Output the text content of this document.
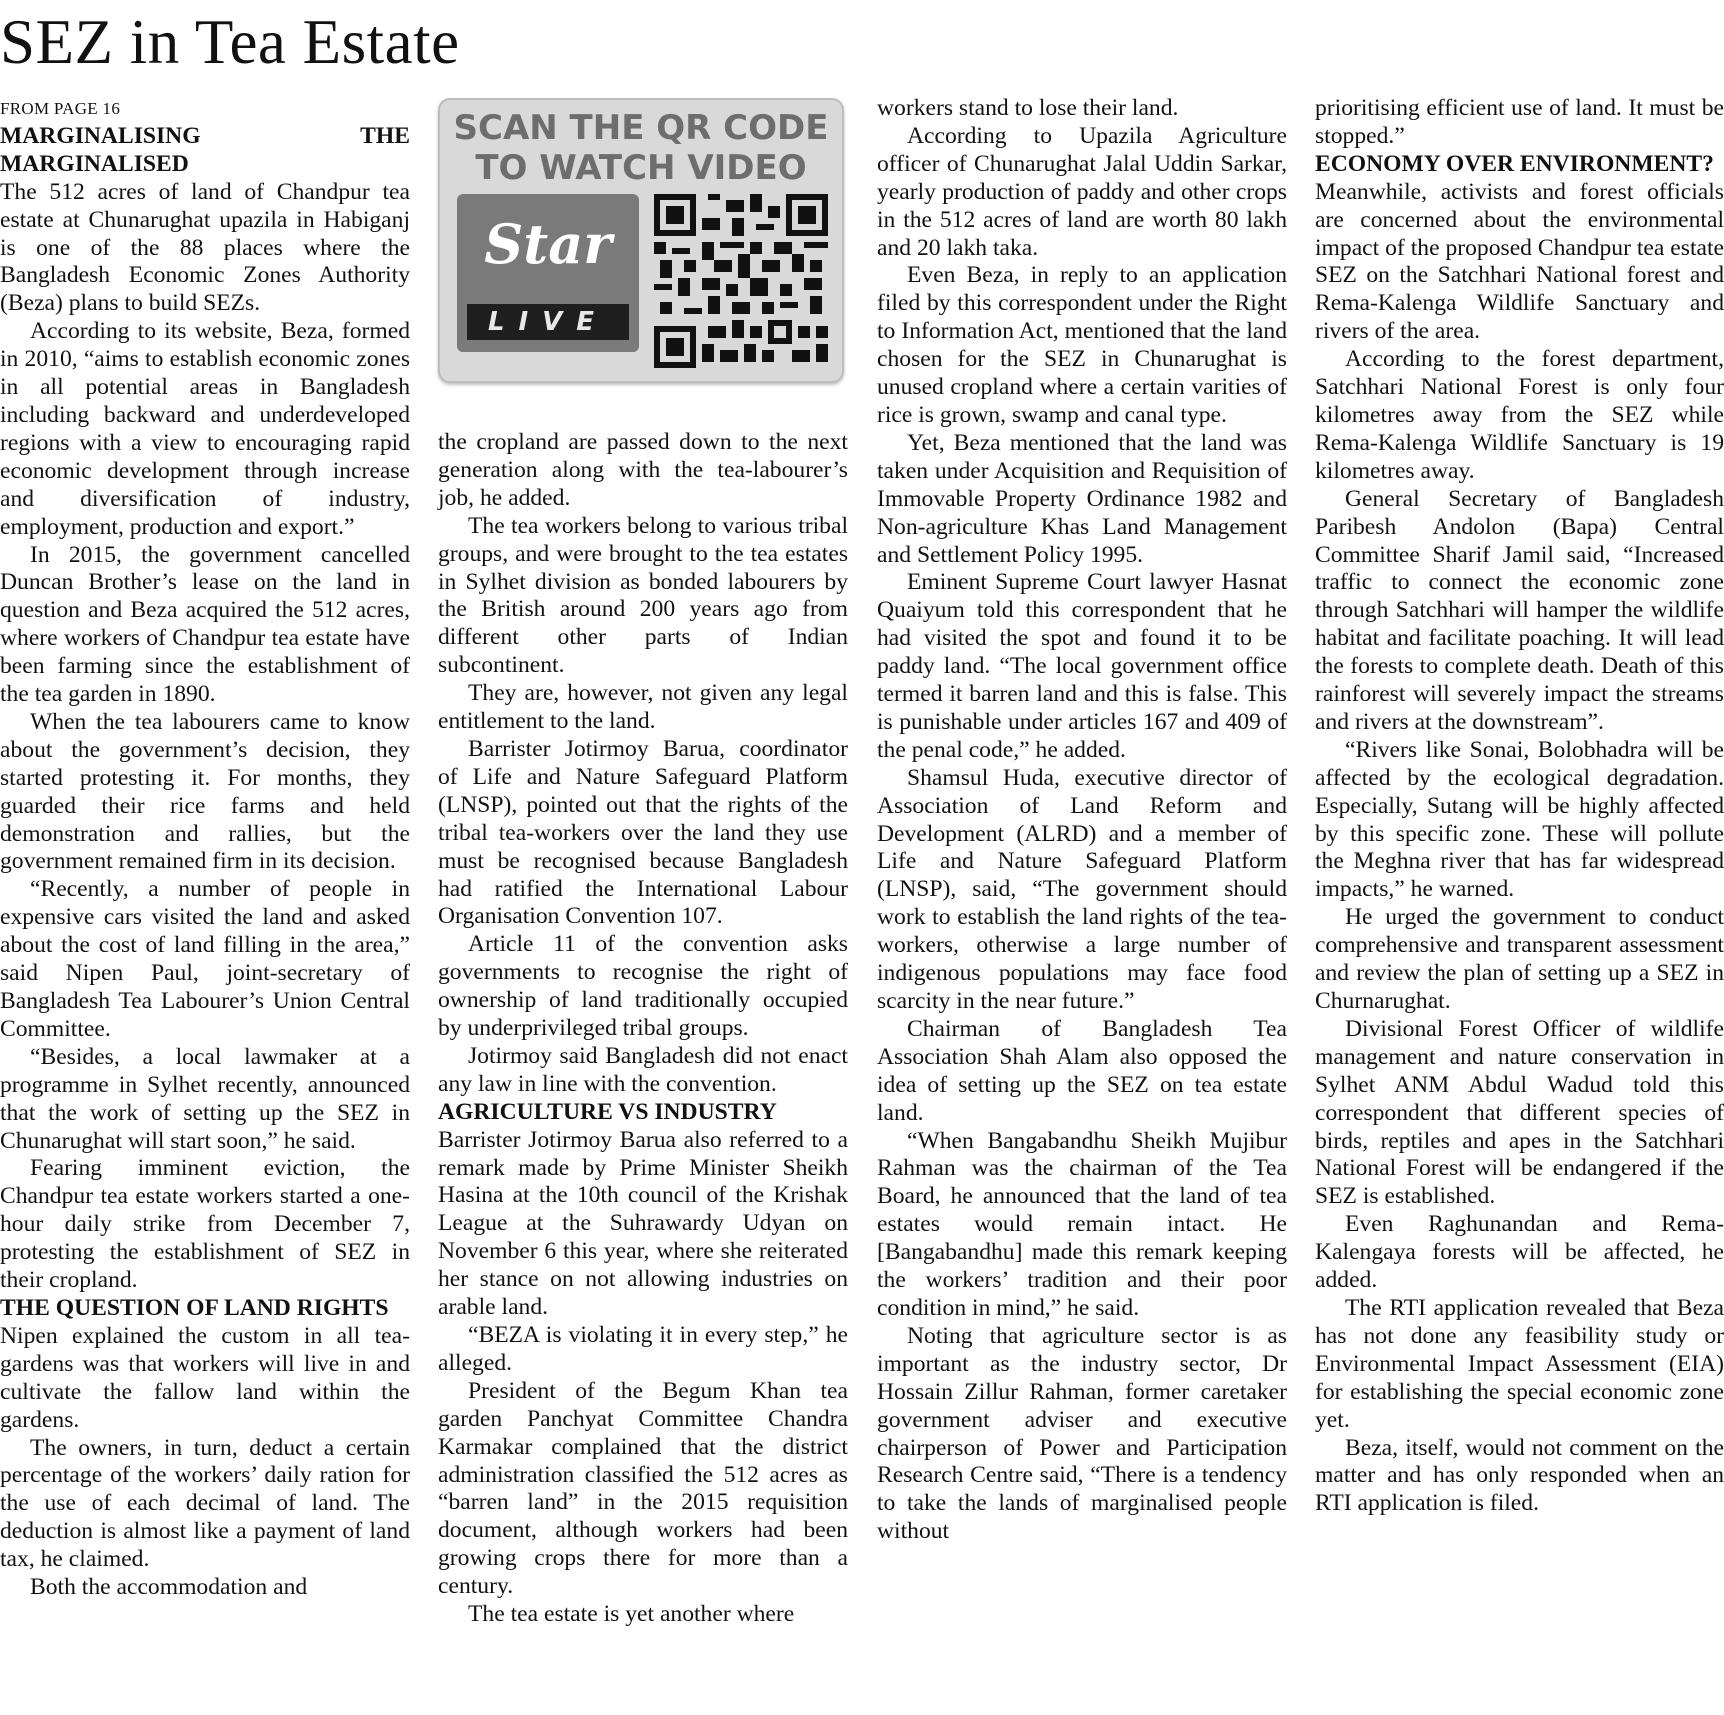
SEZ in Tea Estate
SCAN THE QR CODE
TO WATCH VIDEO
Star
LIVE
FROM PAGE 16
MARGINALISING THE MARGINALISED

The 512 acres of land of Chandpur tea estate at Chunarughat upazila in Habiganj is one of the 88 places where the Bangladesh Economic Zones Authority (Beza) plans to build SEZs.

According to its website, Beza, formed in 2010, “aims to establish economic zones in all potential areas in Bangladesh including backward and underdeveloped regions with a view to encouraging rapid economic development through increase and diversification of industry, employment, production and export.”

In 2015, the government cancelled Duncan Brother’s lease on the land in question and Beza acquired the 512 acres, where workers of Chandpur tea estate have been farming since the establishment of the tea garden in 1890.

When the tea labourers came to know about the government’s decision, they started protesting it. For months, they guarded their rice farms and held demonstration and rallies, but the government remained firm in its decision.

“Recently, a number of people in expensive cars visited the land and asked about the cost of land filling in the area,” said Nipen Paul, joint-secretary of Bangladesh Tea Labourer’s Union Central Committee.

“Besides, a local lawmaker at a programme in Sylhet recently, announced that the work of setting up the SEZ in Chunarughat will start soon,” he said.

Fearing imminent eviction, the Chandpur tea estate workers started a one-hour daily strike from December 7, protesting the establishment of SEZ in their cropland.

THE QUESTION OF LAND RIGHTS

Nipen explained the custom in all tea-gardens was that workers will live in and cultivate the fallow land within the gardens.

The owners, in turn, deduct a certain percentage of the workers’ daily ration for the use of each decimal of land. The deduction is almost like a payment of land tax, he claimed.

Both the accommodation and

the cropland are passed down to the next generation along with the tea-labourer’s job, he added.

The tea workers belong to various tribal groups, and were brought to the tea estates in Sylhet division as bonded labourers by the British around 200 years ago from different other parts of Indian subcontinent.

They are, however, not given any legal entitlement to the land.

Barrister Jotirmoy Barua, coordinator of Life and Nature Safeguard Platform (LNSP), pointed out that the rights of the tribal tea-workers over the land they use must be recognised because Bangladesh had ratified the International Labour Organisation Convention 107.

Article 11 of the convention asks governments to recognise the right of ownership of land traditionally occupied by underprivileged tribal groups.

Jotirmoy said Bangladesh did not enact any law in line with the convention.

AGRICULTURE VS INDUSTRY

Barrister Jotirmoy Barua also referred to a remark made by Prime Minister Sheikh Hasina at the 10th council of the Krishak League at the Suhrawardy Udyan on November 6 this year, where she reiterated her stance on not allowing industries on arable land.

“BEZA is violating it in every step,” he alleged.

President of the Begum Khan tea garden Panchyat Committee Chandra Karmakar complained that the district administration classified the 512 acres as “barren land” in the 2015 requisition document, although workers had been growing crops there for more than a century.

The tea estate is yet another where

workers stand to lose their land.

According to Upazila Agriculture officer of Chunarughat Jalal Uddin Sarkar, yearly production of paddy and other crops in the 512 acres of land are worth 80 lakh and 20 lakh taka.

Even Beza, in reply to an application filed by this correspondent under the Right to Information Act, mentioned that the land chosen for the SEZ in Chunarughat is unused cropland where a certain varities of rice is grown, swamp and canal type.

Yet, Beza mentioned that the land was taken under Acquisition and Requisition of Immovable Property Ordinance 1982 and Non-agriculture Khas Land Management and Settlement Policy 1995.

Eminent Supreme Court lawyer Hasnat Quaiyum told this correspondent that he had visited the spot and found it to be paddy land. “The local government office termed it barren land and this is false. This is punishable under articles 167 and 409 of the penal code,” he added.

Shamsul Huda, executive director of Association of Land Reform and Development (ALRD) and a member of Life and Nature Safeguard Platform (LNSP), said, “The government should work to establish the land rights of the tea-workers, otherwise a large number of indigenous populations may face food scarcity in the near future.”

Chairman of Bangladesh Tea Association Shah Alam also opposed the idea of setting up the SEZ on tea estate land.

“When Bangabandhu Sheikh Mujibur Rahman was the chairman of the Tea Board, he announced that the land of tea estates would remain intact. He [Bangabandhu] made this remark keeping the workers’ tradition and their poor condition in mind,” he said.

Noting that agriculture sector is as important as the industry sector, Dr Hossain Zillur Rahman, former caretaker government adviser and executive chairperson of Power and Participation Research Centre said, “There is a tendency to take the lands of marginalised people without

prioritising efficient use of land. It must be stopped.”

ECONOMY OVER ENVIRONMENT?

Meanwhile, activists and forest officials are concerned about the environmental impact of the proposed Chandpur tea estate SEZ on the Satchhari National forest and Rema-Kalenga Wildlife Sanctuary and rivers of the area.

According to the forest department, Satchhari National Forest is only four kilometres away from the SEZ while Rema-Kalenga Wildlife Sanctuary is 19 kilometres away.

General Secretary of Bangladesh Paribesh Andolon (Bapa) Central Committee Sharif Jamil said, “Increased traffic to connect the economic zone through Satchhari will hamper the wildlife habitat and facilitate poaching. It will lead the forests to complete death. Death of this rainforest will severely impact the streams and rivers at the downstream”.

“Rivers like Sonai, Bolobhadra will be affected by the ecological degradation. Especially, Sutang will be highly affected by this specific zone. These will pollute the Meghna river that has far widespread impacts,” he warned.

He urged the government to conduct comprehensive and transparent assessment and review the plan of setting up a SEZ in Churnarughat.

Divisional Forest Officer of wildlife management and nature conservation in Sylhet ANM Abdul Wadud told this correspondent that different species of birds, reptiles and apes in the Satchhari National Forest will be endangered if the SEZ is established.

Even Raghunandan and Rema-Kalengaya forests will be affected, he added.

The RTI application revealed that Beza has not done any feasibility study or Environmental Impact Assessment (EIA) for establishing the special economic zone yet.

Beza, itself, would not comment on the matter and has only responded when an RTI application is filed.
